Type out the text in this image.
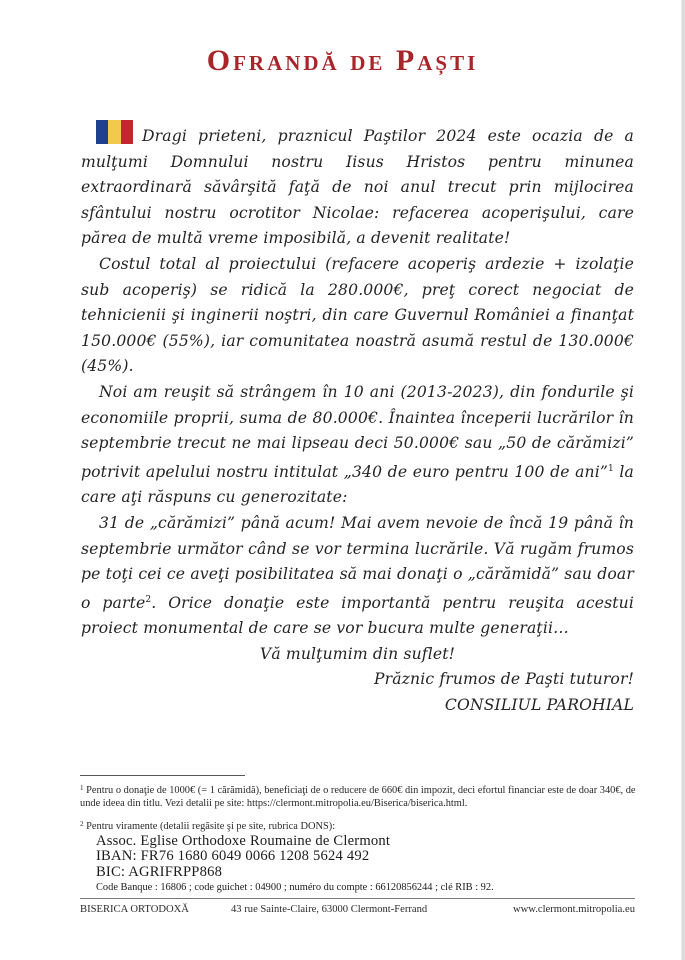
Ofrandă de Paști

Dragi prieteni, praznicul Paştilor 2024 este ocazia de a mulţumi Domnului nostru Iisus Hristos pentru minunea extraordinară săvârşită faţă de noi anul trecut prin mijlocirea sfântului nostru ocrotitor Nicolae: refacerea acoperişului, care părea de multă vreme imposibilă, a devenit realitate!

Costul total al proiectului (refacere acoperiş ardezie + izolaţie sub acoperiş) se ridică la 280.000€, preţ corect negociat de tehnicienii şi inginerii noştri, din care Guvernul României a finanţat 150.000€ (55%), iar comunitatea noastră asumă restul de 130.000€ (45%).

Noi am reuşit să strângem în 10 ani (2013-2023), din fondurile şi economiile proprii, suma de 80.000€. Înaintea începerii lucrărilor în septembrie trecut ne mai lipseau deci 50.000€ sau „50 de cărămizi” potrivit apelului nostru intitulat „340 de euro pentru 100 de ani”$^1$ la care aţi răspuns cu generozitate:

31 de „cărămizi” până acum! Mai avem nevoie de încă 19 până în septembrie următor când se vor termina lucrările. Vă rugăm frumos pe toţi cei ce aveţi posibilitatea să mai donaţi o „cărămidă” sau doar o parte$^2$. Orice donaţie este importantă pentru reuşita acestui proiect monumental de care se vor bucura multe generaţii…

Vă mulţumim din suflet!

Prăznic frumos de Paşti tuturor!

CONSILIUL PAROHIAL

$^1$ Pentru o donaţie de 1000€ (= 1 cărămidă), beneficiaţi de o reducere de 660€ din impozit, deci efortul financiar este de doar 340€, de unde ideea din titlu. Vezi detalii pe site: https://clermont.mitropolia.eu/Biserica/biserica.html.

$^2$ Pentru viramente (detalii regăsite şi pe site, rubrica DONS):

Assoc. Eglise Orthodoxe Roumaine de Clermont
IBAN: FR76 1680 6049 0066 1208 5624 492
BIC: AGRIFRPP868
Code Banque : 16806 ; code guichet : 04900 ; numéro du compte : 66120856244 ; clé RIB : 92.
BISERICA ORTODOXĂ	43 rue Sainte-Claire, 63000 Clermont-Ferrand	www.clermont.mitropolia.eu
